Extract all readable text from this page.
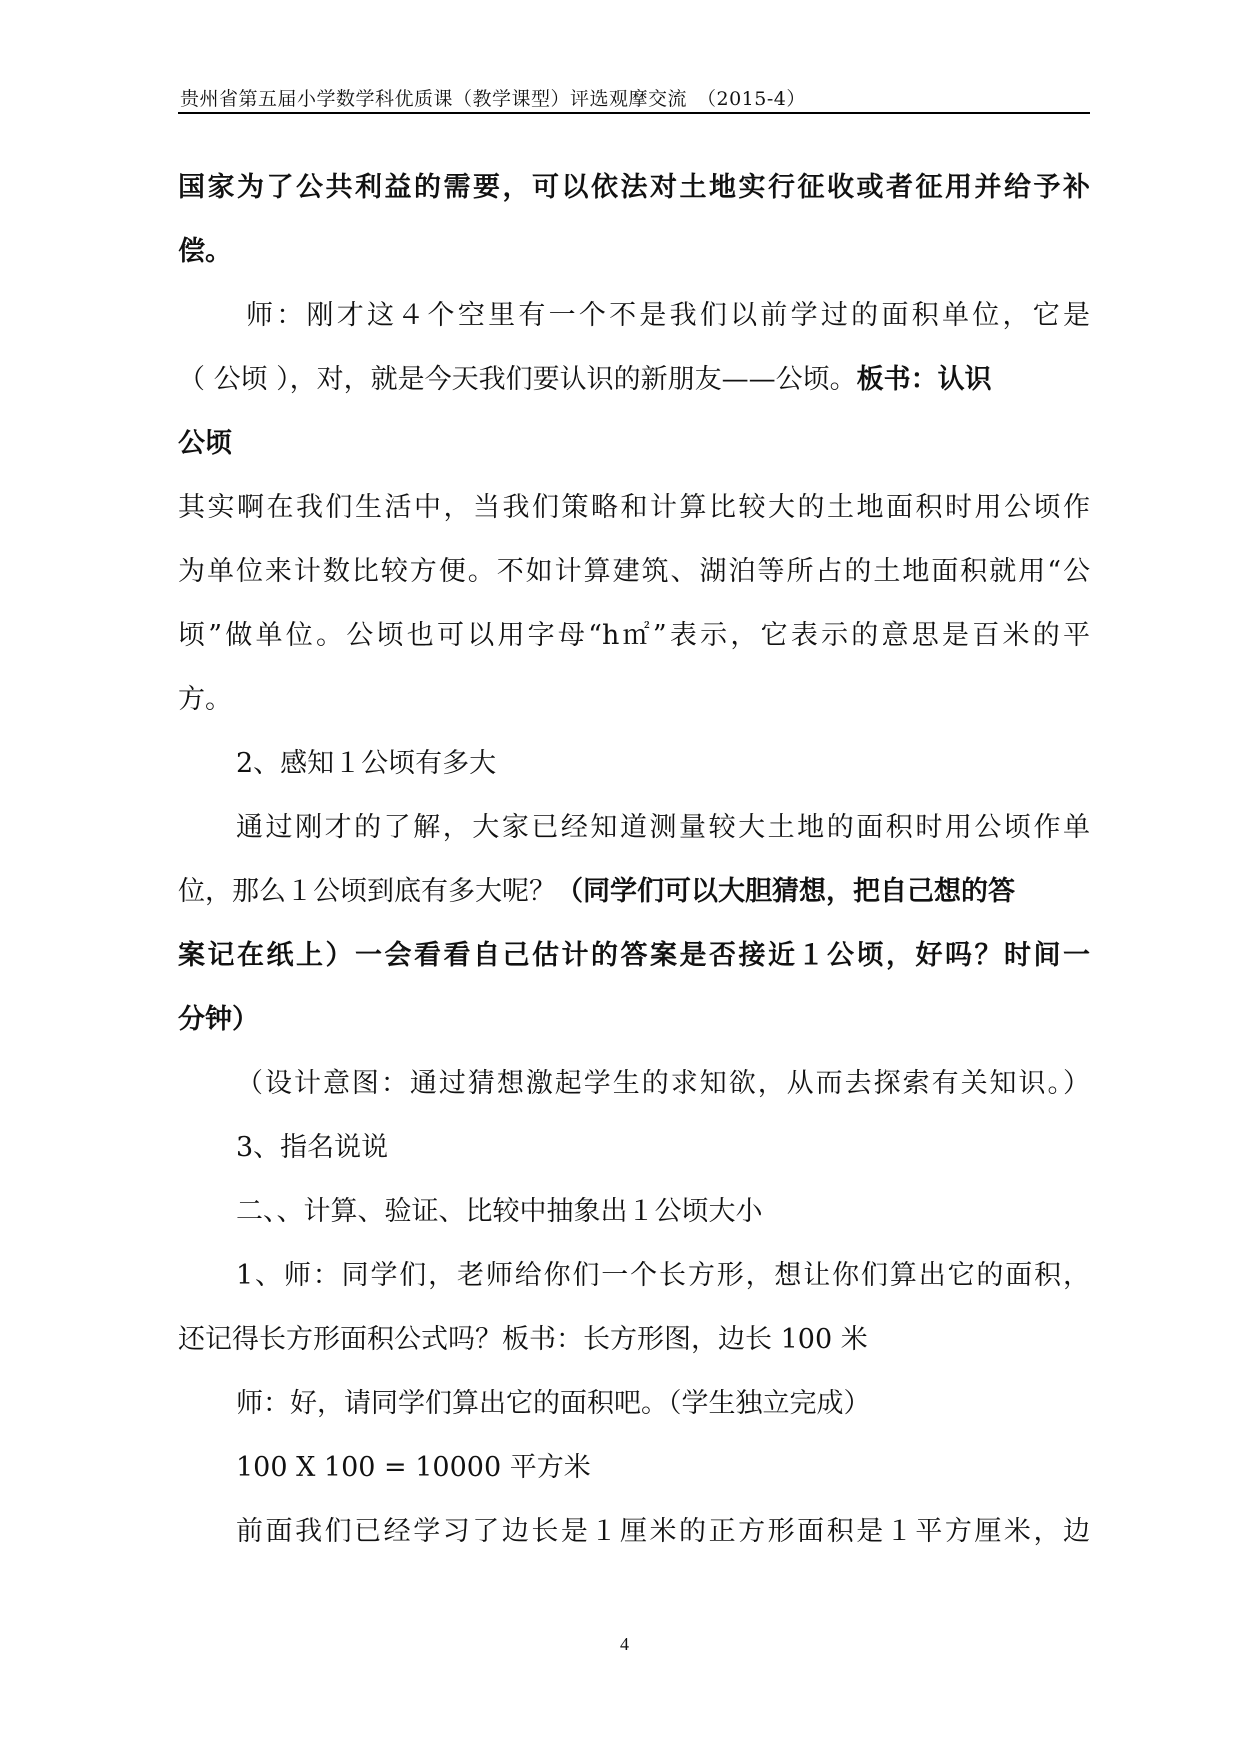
贵州省第五届小学数学科优质课（教学课型）评选观摩交流　（2015-4）
国家为了公共利益的需要，可以依法对土地实行征收或者征用并给予补
偿。
师：刚才这４个空里有一个不是我们以前学过的面积单位，它是
（ 公顷 ），对，就是今天我们要认识的新朋友——公顷。板书：认识
公顷
其实啊在我们生活中，当我们策略和计算比较大的土地面积时用公顷作
为单位来计数比较方便。不如计算建筑、湖泊等所占的土地面积就用“公
顷”做单位。公顷也可以用字母“h㎡”表示，它表示的意思是百米的平
方。
2、感知１公顷有多大
通过刚才的了解，大家已经知道测量较大土地的面积时用公顷作单
位，那么１公顷到底有多大呢？（同学们可以大胆猜想，把自己想的答
案记在纸上）一会看看自己估计的答案是否接近１公顷，好吗？时间一
分钟）
（设计意图：通过猜想激起学生的求知欲，从而去探索有关知识。）
3、指名说说
二、、计算、验证、比较中抽象出１公顷大小
1、师：同学们，老师给你们一个长方形，想让你们算出它的面积，
还记得长方形面积公式吗？板书：长方形图，边长 100 米
师：好，请同学们算出它的面积吧。（学生独立完成）
100 X 100 = 10000 平方米
前面我们已经学习了边长是１厘米的正方形面积是１平方厘米，边
4
